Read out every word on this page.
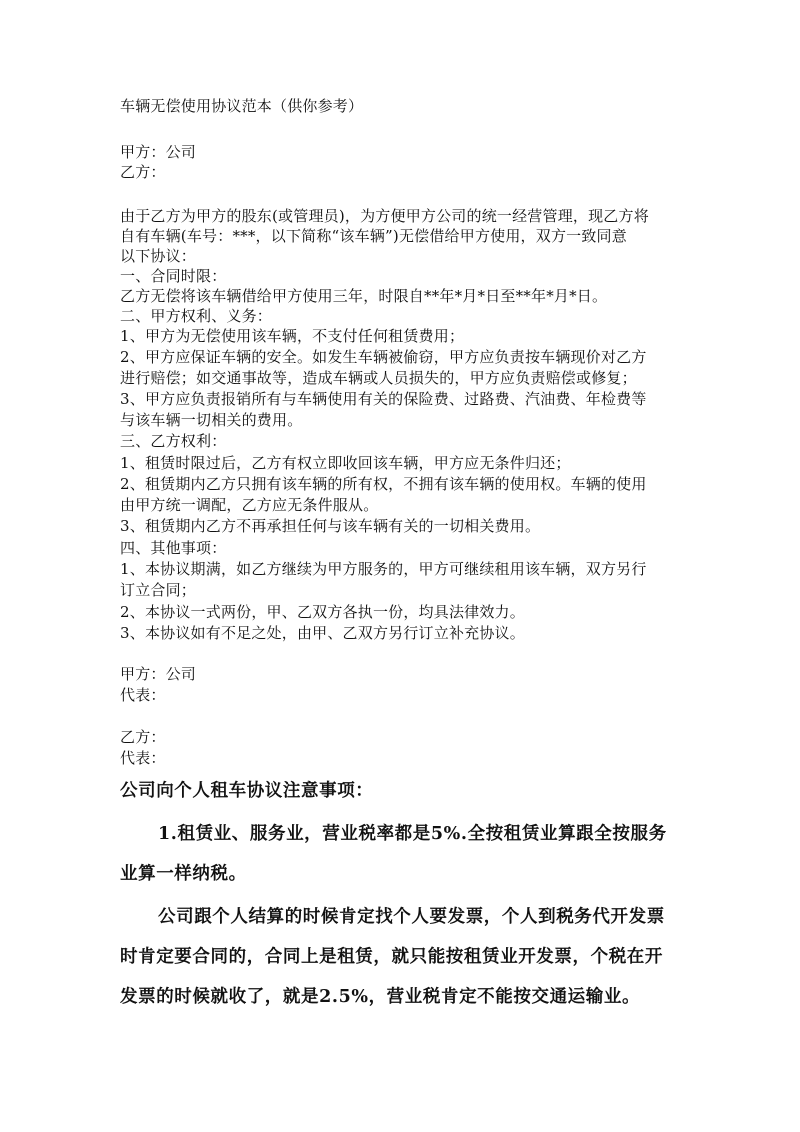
车辆无偿使用协议范本（供你参考）
甲方：公司
乙方：
由于乙方为甲方的股东(或管理员)，为方便甲方公司的统一经营管理，现乙方将
自有车辆(车号：***，以下简称“该车辆”)无偿借给甲方使用，双方一致同意
以下协议：
一、合同时限：
乙方无偿将该车辆借给甲方使用三年，时限自**年*月*日至**年*月*日。
二、甲方权利、义务：
1、甲方为无偿使用该车辆，不支付任何租赁费用；
2、甲方应保证车辆的安全。如发生车辆被偷窃，甲方应负责按车辆现价对乙方
进行赔偿；如交通事故等，造成车辆或人员损失的，甲方应负责赔偿或修复；
3、甲方应负责报销所有与车辆使用有关的保险费、过路费、汽油费、年检费等
与该车辆一切相关的费用。
三、乙方权利：
1、租赁时限过后，乙方有权立即收回该车辆，甲方应无条件归还；
2、租赁期内乙方只拥有该车辆的所有权，不拥有该车辆的使用权。车辆的使用
由甲方统一调配，乙方应无条件服从。
3、租赁期内乙方不再承担任何与该车辆有关的一切相关费用。
四、其他事项：
1、本协议期满，如乙方继续为甲方服务的，甲方可继续租用该车辆，双方另行
订立合同；
2、本协议一式两份，甲、乙双方各执一份，均具法律效力。
3、本协议如有不足之处，由甲、乙双方另行订立补充协议。
甲方：公司
代表：
乙方：
代表：
公司向个人租车协议注意事项：
1.租赁业、服务业，营业税率都是5%.全按租赁业算跟全按服务
业算一样纳税。
公司跟个人结算的时候肯定找个人要发票，个人到税务代开发票
时肯定要合同的，合同上是租赁，就只能按租赁业开发票，个税在开
发票的时候就收了，就是2.5%，营业税肯定不能按交通运输业。
